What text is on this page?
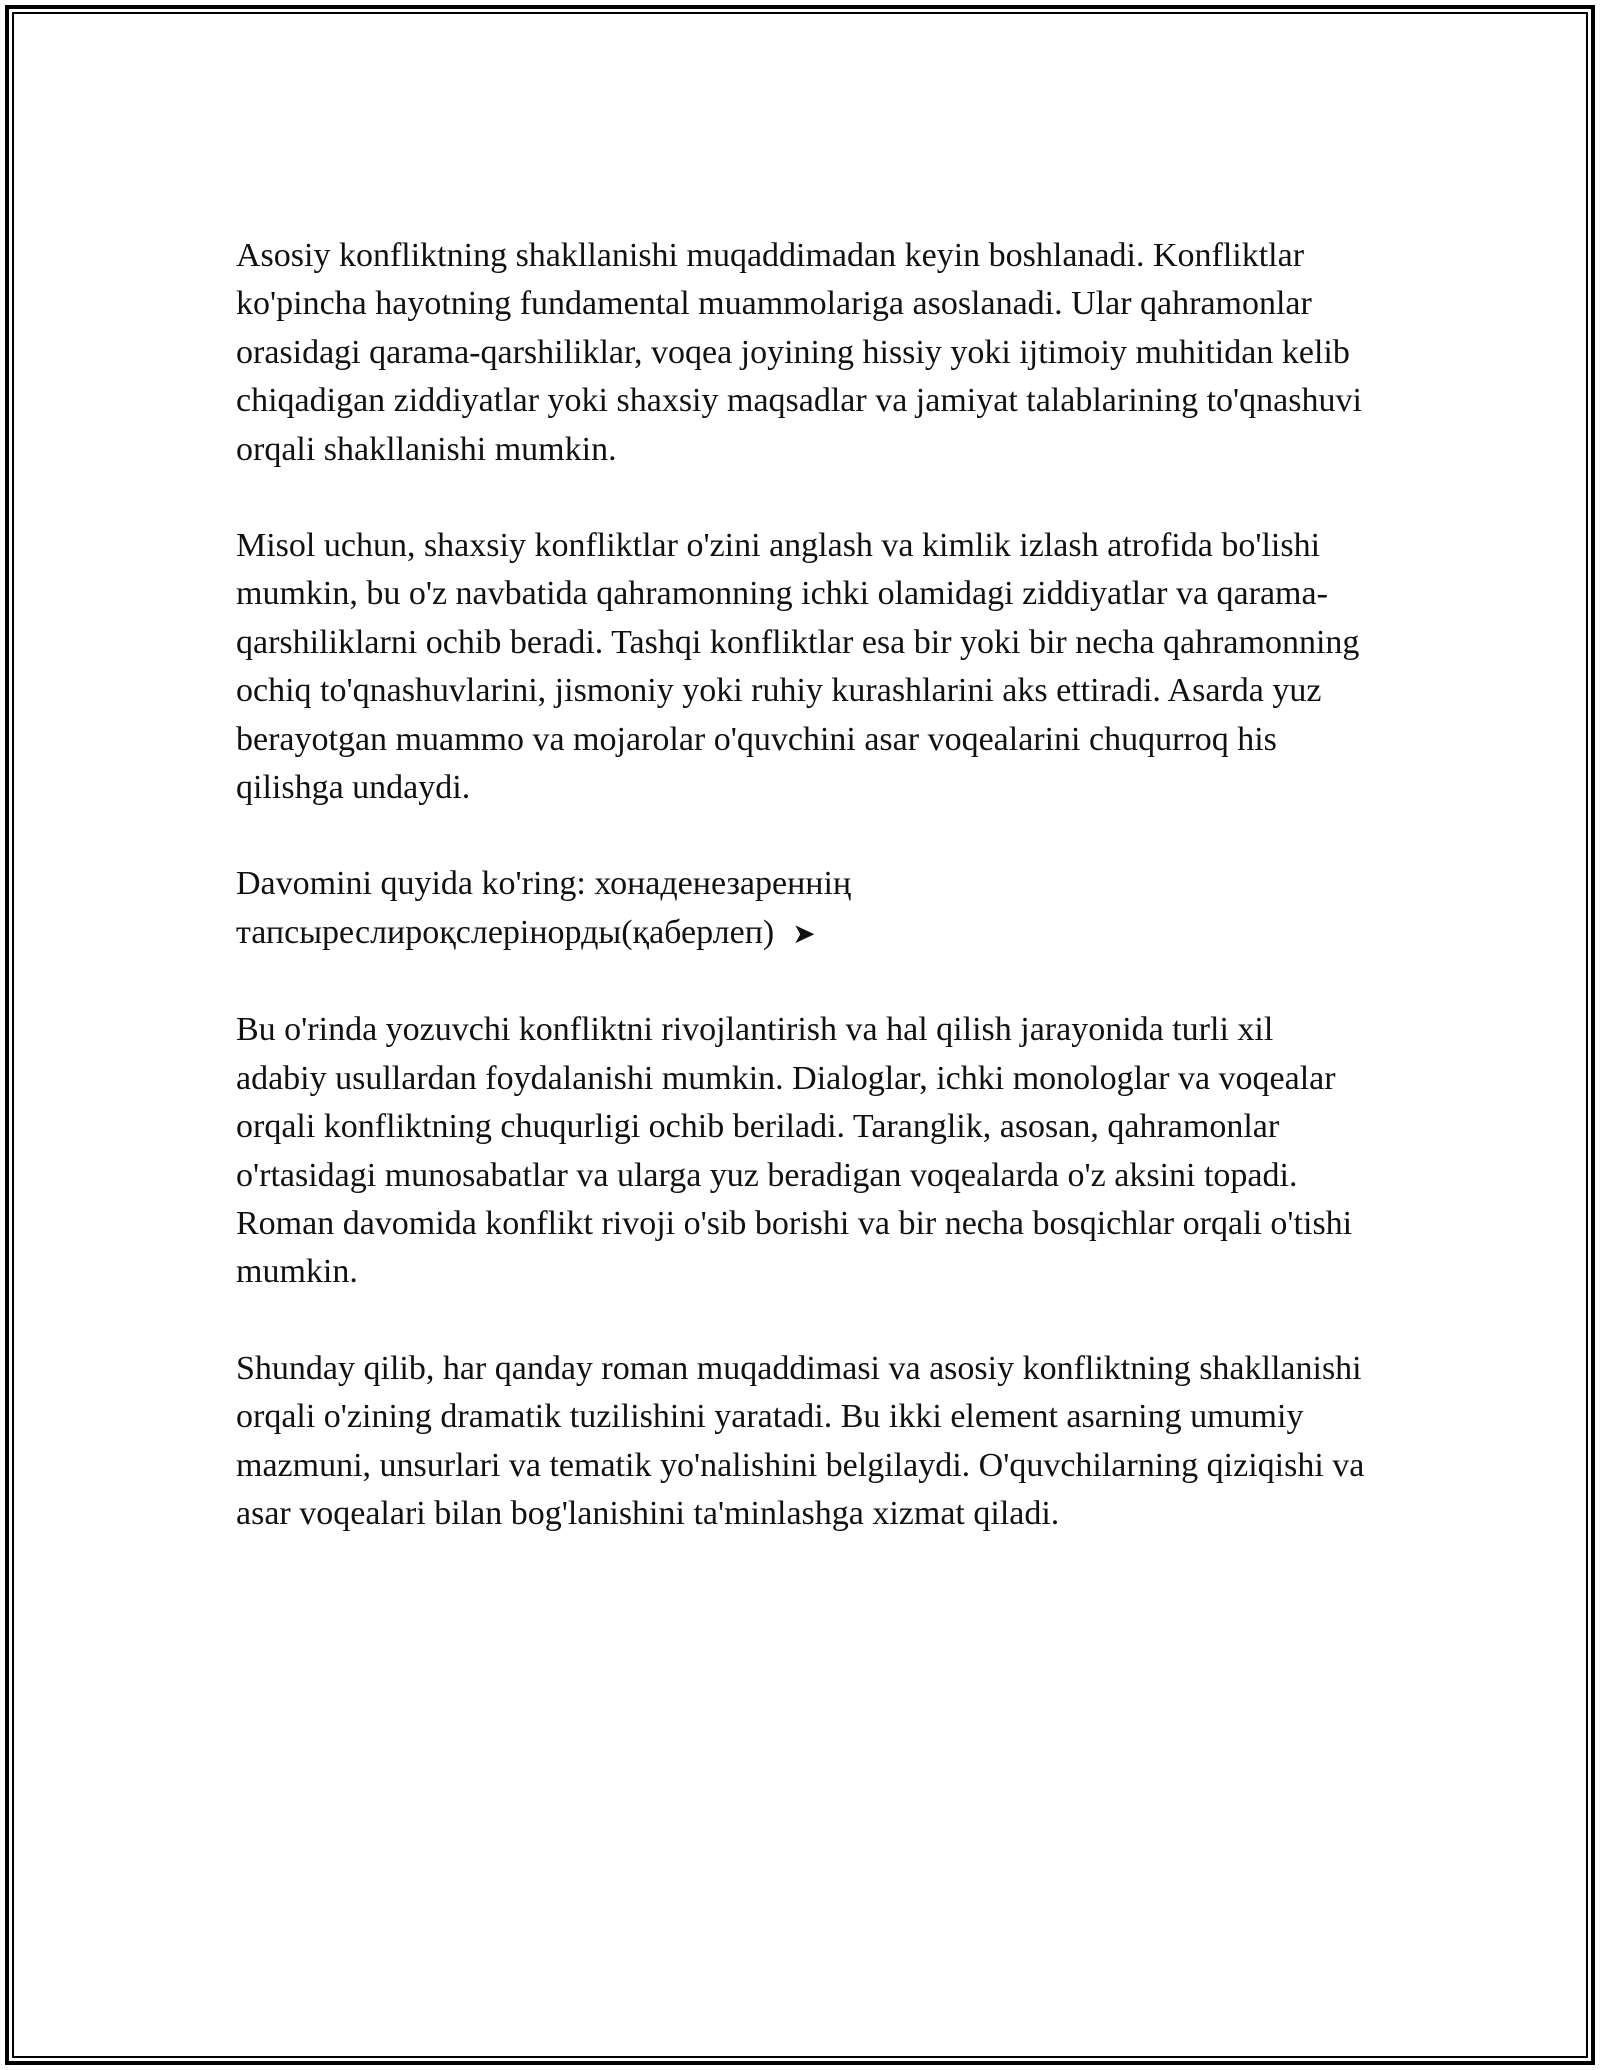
Asosiy konfliktning shakllanishi muqaddimadan keyin boshlanadi. Konfliktlar ko'pincha hayotning fundamental muammolariga asoslanadi. Ular qahramonlar orasidagi qarama-qarshiliklar, voqea joyining hissiy yoki ijtimoiy muhitidan kelib chiqadigan ziddiyatlar yoki shaxsiy maqsadlar va jamiyat talablarining to'qnashuvi orqali shakllanishi mumkin.

Misol uchun, shaxsiy konfliktlar o'zini anglash va kimlik izlash atrofida bo'lishi mumkin, bu o'z navbatida qahramonning ichki olamidagi ziddiyatlar va qarama-qarshiliklarni ochib beradi. Tashqi konfliktlar esa bir yoki bir necha qahramonning ochiq to'qnashuvlarini, jismoniy yoki ruhiy kurashlarini aks ettiradi. Asarda yuz berayotgan muammo va mojarolar o'quvchini asar voqealarini chuqurroq his qilishga undaydi.

Davomini quyida ko'ring: хонаденезареннің тапсыреслироқслерінорды(қаберлеп) ➤

Bu o'rinda yozuvchi konfliktni rivojlantirish va hal qilish jarayonida turli xil adabiy usullardan foydalanishi mumkin. Dialoglar, ichki monologlar va voqealar orqali konfliktning chuqurligi ochib beriladi. Taranglik, asosan, qahramonlar o'rtasidagi munosabatlar va ularga yuz beradigan voqealarda o'z aksini topadi. Roman davomida konflikt rivoji o'sib borishi va bir necha bosqichlar orqali o'tishi mumkin.

Shunday qilib, har qanday roman muqaddimasi va asosiy konfliktning shakllanishi orqali o'zining dramatik tuzilishini yaratadi. Bu ikki element asarning umumiy mazmuni, unsurlari va tematik yo'nalishini belgilaydi. O'quvchilarning qiziqishi va asar voqealari bilan bog'lanishini ta'minlashga xizmat qiladi.
